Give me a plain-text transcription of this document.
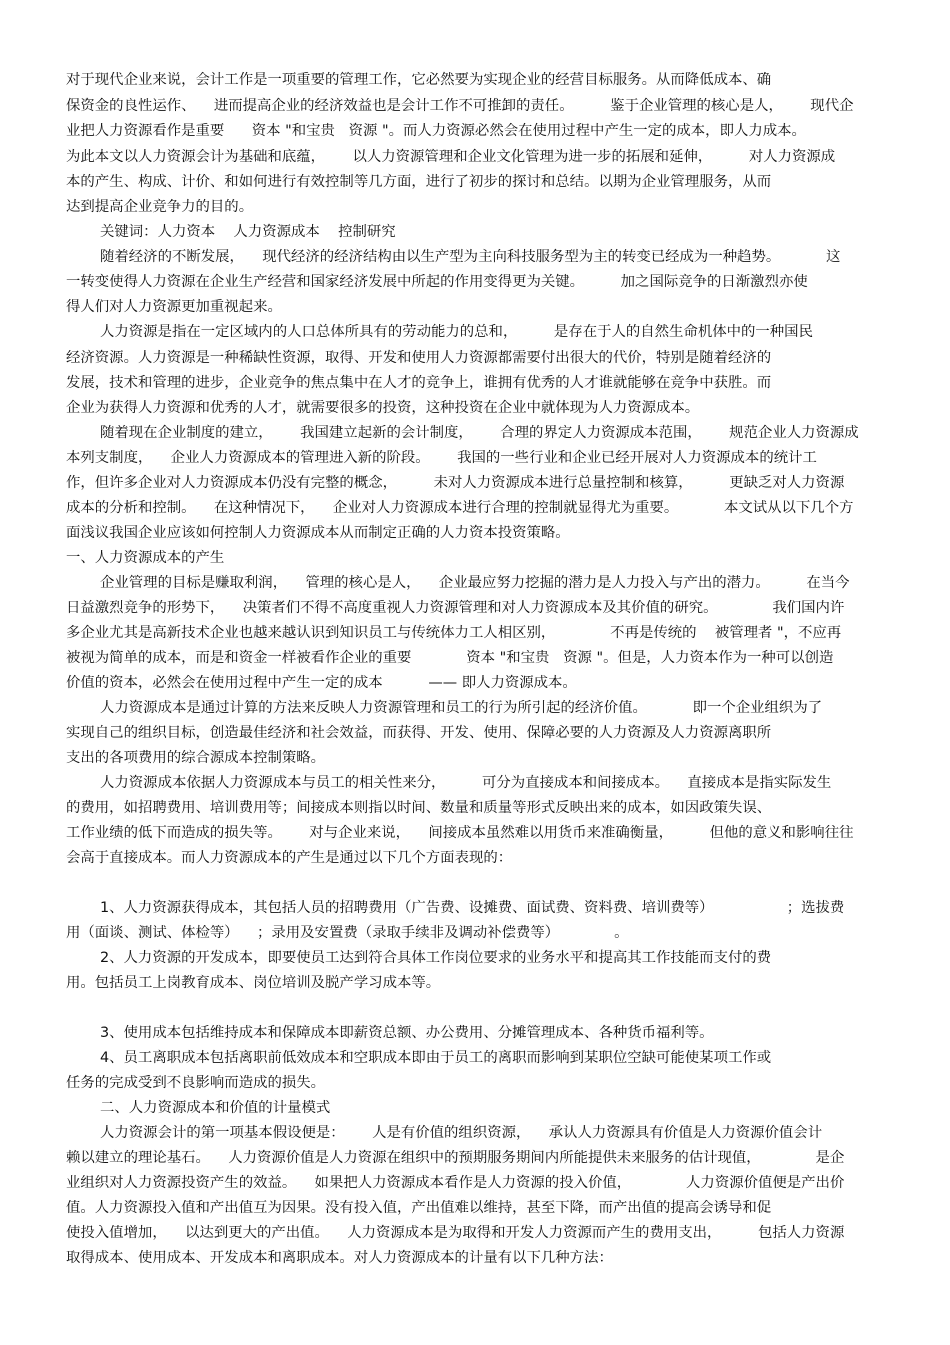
对于现代企业来说，会计工作是一项重要的管理工作，它必然要为实现企业的经营目标服务。从而降低成本、确
保资金的良性运作、    进而提高企业的经济效益也是会计工作不可推卸的责任。        鉴于企业管理的核心是人，      现代企
业把人力资源看作是重要      资本 "和宝贵   资源 "。而人力资源必然会在使用过程中产生一定的成本，即人力成本。
为此本文以人力资源会计为基础和底蕴，      以人力资源管理和企业文化管理为进一步的拓展和延伸，        对人力资源成
本的产生、构成、计价、和如何进行有效控制等几方面，进行了初步的探讨和总结。以期为企业管理服务，从而
达到提高企业竞争力的目的。
关键词：人力资本    人力资源成本    控制研究
随着经济的不断发展，    现代经济的经济结构由以生产型为主向科技服务型为主的转变已经成为一种趋势。          这
一转变使得人力资源在企业生产经营和国家经济发展中所起的作用变得更为关键。        加之国际竞争的日渐激烈亦使
得人们对人力资源更加重视起来。
人力资源是指在一定区域内的人口总体所具有的劳动能力的总和，        是存在于人的自然生命机体中的一种国民
经济资源。人力资源是一种稀缺性资源，取得、开发和使用人力资源都需要付出很大的代价，特别是随着经济的
发展，技术和管理的进步，企业竞争的焦点集中在人才的竞争上，谁拥有优秀的人才谁就能够在竞争中获胜。而
企业为获得人力资源和优秀的人才，就需要很多的投资，这种投资在企业中就体现为人力资源成本。
随着现在企业制度的建立，      我国建立起新的会计制度，      合理的界定人力资源成本范围，      规范企业人力资源成
本列支制度，    企业人力资源成本的管理进入新的阶段。      我国的一些行业和企业已经开展对人力资源成本的统计工
作，但许多企业对人力资源成本仍没有完整的概念，        未对人力资源成本进行总量控制和核算，        更缺乏对人力资源
成本的分析和控制。    在这种情况下，    企业对人力资源成本进行合理的控制就显得尤为重要。          本文试从以下几个方
面浅议我国企业应该如何控制人力资源成本从而制定正确的人力资本投资策略。
一、人力资源成本的产生
企业管理的目标是赚取利润，    管理的核心是人，    企业最应努力挖掘的潜力是人力投入与产出的潜力。        在当今
日益激烈竞争的形势下，    决策者们不得不高度重视人力资源管理和对人力资源成本及其价值的研究。            我们国内许
多企业尤其是高新技术企业也越来越认识到知识员工与传统体力工人相区别，            不再是传统的    被管理者 "，不应再
被视为简单的成本，而是和资金一样被看作企业的重要            资本 "和宝贵   资源 "。但是，人力资本作为一种可以创造
价值的资本，必然会在使用过程中产生一定的成本          —— 即人力资源成本。
人力资源成本是通过计算的方法来反映人力资源管理和员工的行为所引起的经济价值。          即一个企业组织为了
实现自己的组织目标，创造最佳经济和社会效益，而获得、开发、使用、保障必要的人力资源及人力资源离职所
支出的各项费用的综合源成本控制策略。
人力资源成本依据人力资源成本与员工的相关性来分，        可分为直接成本和间接成本。    直接成本是指实际发生
的费用，如招聘费用、培训费用等；间接成本则指以时间、数量和质量等形式反映出来的成本，如因政策失误、
工作业绩的低下而造成的损失等。      对与企业来说，    间接成本虽然难以用货币来准确衡量，        但他的意义和影响往往
会高于直接成本。而人力资源成本的产生是通过以下几个方面表现的：
1、人力资源获得成本，其包括人员的招聘费用（广告费、设摊费、面试费、资料费、培训费等）                ；选拔费
用（面谈、测试、体检等）    ；录用及安置费（录取手续非及调动补偿费等）            。
2、人力资源的开发成本，即要使员工达到符合具体工作岗位要求的业务水平和提高其工作技能而支付的费
用。包括员工上岗教育成本、岗位培训及脱产学习成本等。
3、使用成本包括维持成本和保障成本即薪资总额、办公费用、分摊管理成本、各种货币福利等。
4、员工离职成本包括离职前低效成本和空职成本即由于员工的离职而影响到某职位空缺可能使某项工作或
任务的完成受到不良影响而造成的损失。
二、人力资源成本和价值的计量模式
人力资源会计的第一项基本假设便是：      人是有价值的组织资源，    承认人力资源具有价值是人力资源价值会计
赖以建立的理论基石。    人力资源价值是人力资源在组织中的预期服务期间内所能提供未来服务的估计现值，            是企
业组织对人力资源投资产生的效益。    如果把人力资源成本看作是人力资源的投入价值，            人力资源价值便是产出价
值。人力资源投入值和产出值互为因果。没有投入值，产出值难以维持，甚至下降，而产出值的提高会诱导和促
使投入值增加，    以达到更大的产出值。    人力资源成本是为取得和开发人力资源而产生的费用支出，        包括人力资源
取得成本、使用成本、开发成本和离职成本。对人力资源成本的计量有以下几种方法：
